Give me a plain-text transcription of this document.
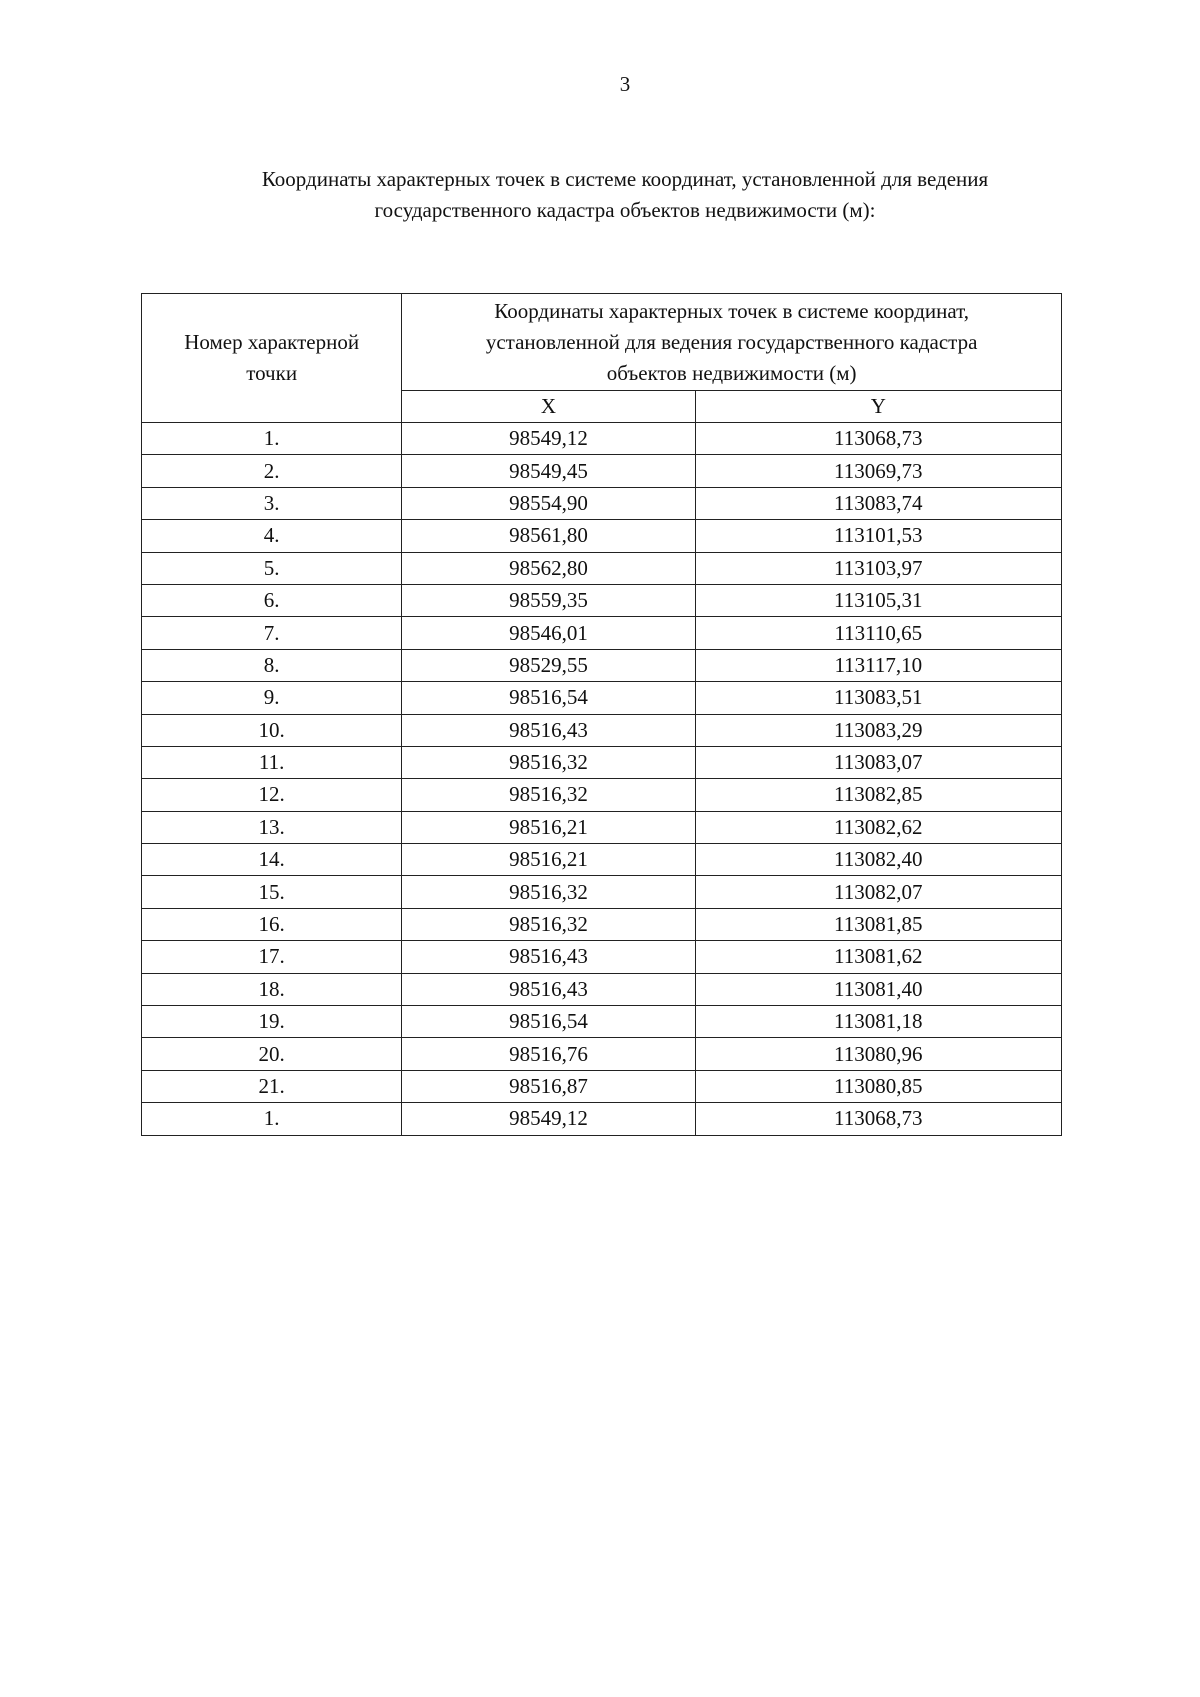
3
Координаты характерных точек в системе координат, установленной для ведения
государственного кадастра объектов недвижимости (м):
Номер характерной
точки	Координаты характерных точек в системе координат,
установленной для ведения государственного кадастра
объектов недвижимости (м)	

	X	Y
1.	98549,12	113068,73
2.	98549,45	113069,73
3.	98554,90	113083,74
4.	98561,80	113101,53
5.	98562,80	113103,97
6.	98559,35	113105,31
7.	98546,01	113110,65
8.	98529,55	113117,10
9.	98516,54	113083,51
10.	98516,43	113083,29
11.	98516,32	113083,07
12.	98516,32	113082,85
13.	98516,21	113082,62
14.	98516,21	113082,40
15.	98516,32	113082,07
16.	98516,32	113081,85
17.	98516,43	113081,62
18.	98516,43	113081,40
19.	98516,54	113081,18
20.	98516,76	113080,96
21.	98516,87	113080,85
1.	98549,12	113068,73
